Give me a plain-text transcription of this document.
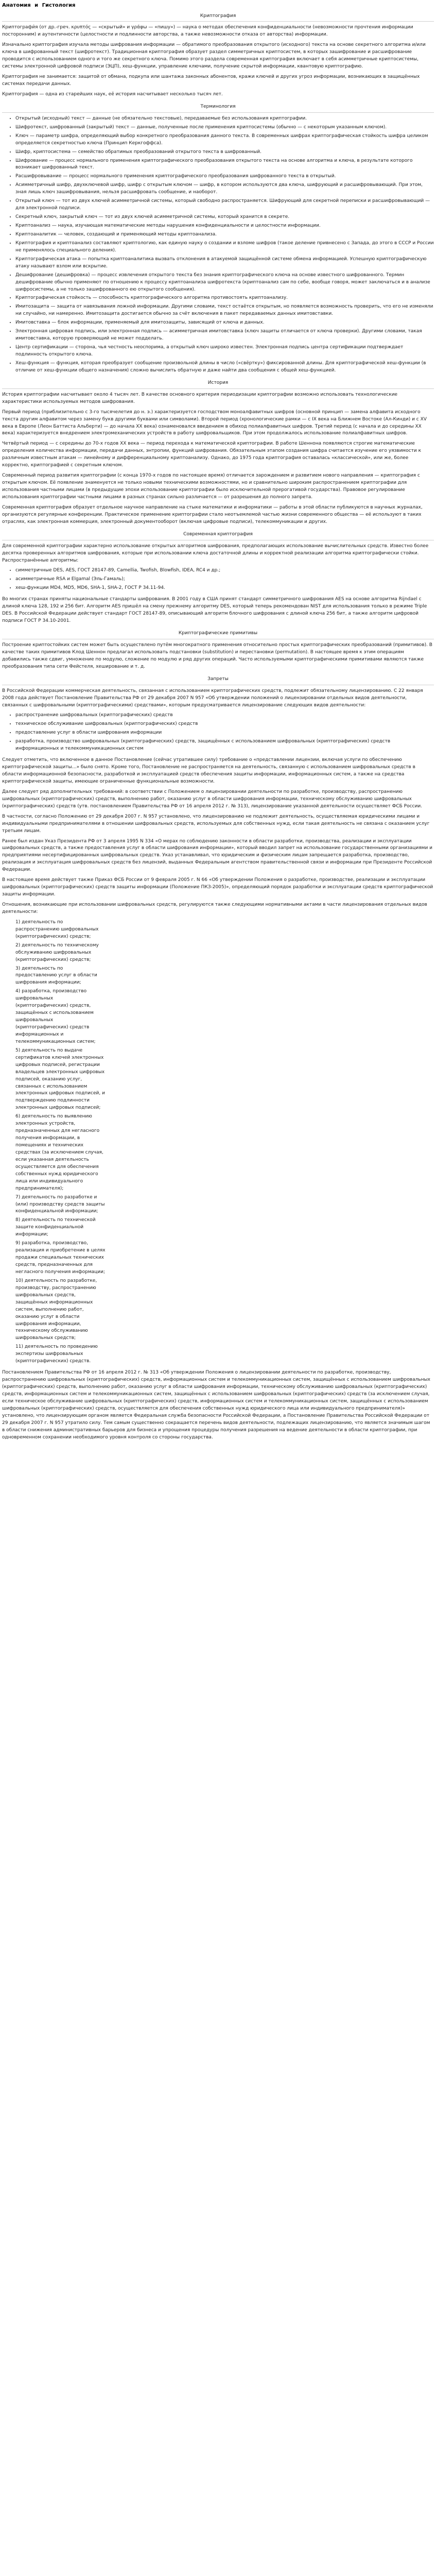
Анатомия и Гистология
Криптография

Криптографи́я (от др.-греч. κρυπτός — «скрытый» и γράφω — «пишу») — наука о методах обеспечения конфиденциальности (невозможности прочтения информации посторонним) и аутентичности (целостности и подлинности авторства, а также невозможности отказа от авторства) информации.

Изначально криптография изучала методы шифрования информации — обратимого преобразования открытого (исходного) текста на основе секретного алгоритма и/или ключа в шифрованный текст (шифротекст). Традиционная криптография образует раздел симметричных криптосистем, в которых зашифрование и расшифрование проводится с использованием одного и того же секретного ключа. Помимо этого раздела современная криптография включает в себя асимметричные криптосистемы, системы электронной цифровой подписи (ЭЦП), хеш-функции, управление ключами, получение скрытой информации, квантовую криптографию.

Криптография не занимается: защитой от обмана, подкупа или шантажа законных абонентов, кражи ключей и других угроз информации, возникающих в защищённых системах передачи данных.

Криптография — одна из старейших наук, её история насчитывает несколько тысяч лет.

Терминология
• Открытый (исходный) текст — данные (не обязательно текстовые), передаваемые без использования криптографии.
• Шифротекст, шифрованный (закрытый) текст — данные, полученные после применения криптосистемы (обычно — с некоторым указанным ключом).
• Ключ — параметр шифра, определяющий выбор конкретного преобразования данного текста. В современных шифрах криптографическая стойкость шифра целиком определяется секретностью ключа (Принцип Керкгоффса).
• Шифр, криптосистема — семейство обратимых преобразований открытого текста в шифрованный.
• Шифрование — процесс нормального применения криптографического преобразования открытого текста на основе алгоритма и ключа, в результате которого возникает шифрованный текст.
• Расшифровывание — процесс нормального применения криптографического преобразования шифрованного текста в открытый.
• Асимметричный шифр, двухключевой шифр, шифр с открытым ключом — шифр, в котором используются два ключа, шифрующий и расшифровывающий. При этом, зная лишь ключ зашифровывания, нельзя расшифровать сообщение, и наоборот.
• Открытый ключ — тот из двух ключей асимметричной системы, который свободно распространяется. Шифрующий для секретной переписки и расшифровывающий — для электронной подписи.
• Секретный ключ, закрытый ключ — тот из двух ключей асимметричной системы, который хранится в секрете.
• Криптоанализ — наука, изучающая математические методы нарушения конфиденциальности и целостности информации.
• Криптоаналитик — человек, создающий и применяющий методы криптоанализа.
• Криптография и криптоанализ составляют криптологию, как единую науку о создании и взломе шифров (такое деление привнесено с Запада, до этого в СССР и России не применялось специального деления).
• Криптографическая атака — попытка криптоаналитика вызвать отклонения в атакуемой защищённой системе обмена информацией. Успешную криптографическую атаку называют взлом или вскрытие.
• Дешифрование (дешифровка) — процесс извлечения открытого текста без знания криптографического ключа на основе известного шифрованного. Термин дешифрование обычно применяют по отношению к процессу криптоанализа шифротекста (криптоанализ сам по себе, вообще говоря, может заключаться и в анализе шифросистемы, а не только зашифрованного ею открытого сообщения).
• Криптографическая стойкость — способность криптографического алгоритма противостоять криптоанализу.
• Имитозащита — защита от навязывания ложной информации. Другими словами, текст остаётся открытым, но появляется возможность проверить, что его не изменяли ни случайно, ни намеренно. Имитозащита достигается обычно за счёт включения в пакет передаваемых данных имитовставки.
• Имитовставка — блок информации, применяемый для имитозащиты, зависящий от ключа и данных.
• Электронная цифровая подпись, или электронная подпись — асимметричная имитовставка (ключ защиты отличается от ключа проверки). Другими словами, такая имитовставка, которую проверяющий не может подделать.
• Центр сертификации — сторона, чья честность неоспорима, а открытый ключ широко известен. Электронная подпись центра сертификации подтверждает подлинность открытого ключа.
• Хеш-функция — функция, которая преобразует сообщение произвольной длины в число («свёртку») фиксированной длины. Для криптографической хеш-функции (в отличие от хеш-функции общего назначения) сложно вычислить обратную и даже найти два сообщения с общей хеш-функцией.
История

История криптографии насчитывает около 4 тысяч лет. В качестве основного критерия периодизации криптографии возможно использовать технологические характеристики используемых методов шифрования.

Первый период (приблизительно с 3-го тысячелетия до н. э.) характеризуется господством моноалфавитных шифров (основной принцип — замена алфавита исходного текста другим алфавитом через замену букв другими буквами или символами). Второй период (хронологические рамки — с IX века на Ближнем Востоке (Ал-Кинди) и с XV века в Европе (Леон Баттиста Альберти) — до начала XX века) ознаменовался введением в обиход полиалфавитных шифров. Третий период (с начала и до середины XX века) характеризуется внедрением электромеханических устройств в работу шифровальщиков. При этом продолжалось использование полиалфавитных шифров.

Четвёртый период — с середины до 70-х годов XX века — период перехода к математической криптографии. В работе Шеннона появляются строгие математические определения количества информации, передачи данных, энтропии, функций шифрования. Обязательным этапом создания шифра считается изучение его уязвимости к различным известным атакам — линейному и дифференциальному криптоанализу. Однако, до 1975 года криптография оставалась «классической», или же, более корректно, криптографией с секретным ключом.

Современный период развития криптографии (с конца 1970-х годов по настоящее время) отличается зарождением и развитием нового направления — криптография с открытым ключом. Её появление знаменуется не только новыми техническими возможностями, но и сравнительно широким распространением криптографии для использования частными лицами (в предыдущие эпохи использование криптографии было исключительной прерогативой государства). Правовое регулирование использования криптографии частными лицами в разных странах сильно различается — от разрешения до полного запрета.

Современная криптография образует отдельное научное направление на стыке математики и информатики — работы в этой области публикуются в научных журналах, организуются регулярные конференции. Практическое применение криптографии стало неотъемлемой частью жизни современного общества — её используют в таких отраслях, как электронная коммерция, электронный документооборот (включая цифровые подписи), телекоммуникации и других.

Современная криптография

Для современной криптографии характерно использование открытых алгоритмов шифрования, предполагающих использование вычислительных средств. Известно более десятка проверенных алгоритмов шифрования, которые при использовании ключа достаточной длины и корректной реализации алгоритма криптографически стойки. Распространённые алгоритмы:

• симметричные DES, AES, ГОСТ 28147-89, Camellia, Twofish, Blowfish, IDEA, RC4 и др.;
• асимметричные RSA и Elgamal (Эль-Гамаль);
• хеш-функции MD4, MD5, MD6, SHA-1, SHA-2, ГОСТ Р 34.11-94.

Во многих странах приняты национальные стандарты шифрования. В 2001 году в США принят стандарт симметричного шифрования AES на основе алгоритма Rijndael с длиной ключа 128, 192 и 256 бит. Алгоритм AES пришёл на смену прежнему алгоритму DES, который теперь рекомендован NIST для использования только в режиме Triple DES. В Российской Федерации действует стандарт ГОСТ 28147-89, описывающий алгоритм блочного шифрования с длиной ключа 256 бит, а также алгоритм цифровой подписи ГОСТ Р 34.10-2001.

Криптографические примитивы

Построение криптостойких систем может быть осуществлено путём многократного применения относительно простых криптографических преобразований (примитивов). В качестве таких примитивов Клод Шеннон предлагал использовать подстановки (substitution) и перестановки (permutation). В настоящее время к этим операциям добавились также сдвиг, умножение по модулю, сложение по модулю и ряд других операций. Часто используемыми криптографическими примитивами являются также преобразования типа сети Фейстеля, хеширование и т. д.

Запреты

В Российской Федерации коммерческая деятельность, связанная с использованием криптографических средств, подлежит обязательному лицензированию. С 22 января 2008 года действует Постановление Правительства РФ от 29 декабря 2007 N 957 «Об утверждении положений о лицензировании отдельных видов деятельности, связанных с шифровальными (криптографическими) средствами», которым предусматривается лицензирование следующих видов деятельности:

• распространение шифровальных (криптографических) средств
• техническое обслуживание шифровальных (криптографических) средств
• предоставление услуг в области шифрования информации
• разработка, производство шифровальных (криптографических) средств, защищённых с использованием шифровальных (криптографических) средств информационных и телекоммуникационных систем

Следует отметить, что включенное в данное Постановление (сейчас утратившее силу) требование о «представлении лицензии, включая услуги по обеспечению криптографической защиты…» было снято. Кроме того, Постановление не распространяется на деятельность, связанную с использованием шифровальных средств в области информационной безопасности, разработкой и эксплуатацией средств обеспечения защиты информации, информационных систем, а также на средства криптографической защиты, имеющие ограниченные функциональные возможности.

Далее следует ряд дополнительных требований: в соответствии с Положением о лицензировании деятельности по разработке, производству, распространению шифровальных (криптографических) средств, выполнению работ, оказанию услуг в области шифрования информации, техническому обслуживанию шифровальных (криптографических) средств (утв. постановлением Правительства РФ от 16 апреля 2012 г. № 313), лицензирование указанной деятельности осуществляет ФСБ России.

В частности, согласно Положению от 29 декабря 2007 г. N 957 установлено, что лицензированию не подлежит деятельность, осуществляемая юридическими лицами и индивидуальными предпринимателями в отношении шифровальных средств, используемых для собственных нужд, если такая деятельность не связана с оказанием услуг третьим лицам.

Ранее был издан Указ Президента РФ от 3 апреля 1995 N 334 «О мерах по соблюдению законности в области разработки, производства, реализации и эксплуатации шифровальных средств, а также предоставления услуг в области шифрования информации», который вводил запрет на использование государственными организациями и предприятиями несертифицированных шифровальных средств. Указ устанавливал, что юридическим и физическим лицам запрещается разработка, производство, реализация и эксплуатация шифровальных средств без лицензий, выданных Федеральным агентством правительственной связи и информации при Президенте Российской Федерации.

В настоящее время действует также Приказ ФСБ России от 9 февраля 2005 г. N 66 «Об утверждении Положения о разработке, производстве, реализации и эксплуатации шифровальных (криптографических) средств защиты информации (Положение ПКЗ-2005)», определяющий порядок разработки и эксплуатации средств криптографической защиты информации.

Отношения, возникающие при использовании шифровальных средств, регулируются также следующими нормативными актами в части лицензирования отдельных видов деятельности:

1) деятельность по распространению шифровальных (криптографических) средств;
2) деятельность по техническому обслуживанию шифровальных (криптографических) средств;
3) деятельность по предоставлению услуг в области шифрования информации;
4) разработка, производство шифровальных (криптографических) средств, защищённых с использованием шифровальных (криптографических) средств информационных и телекоммуникационных систем;
5) деятельность по выдаче сертификатов ключей электронных цифровых подписей, регистрации владельцев электронных цифровых подписей, оказанию услуг, связанных с использованием электронных цифровых подписей, и подтверждению подлинности электронных цифровых подписей;
6) деятельность по выявлению электронных устройств, предназначенных для негласного получения информации, в помещениях и технических средствах (за исключением случая, если указанная деятельность осуществляется для обеспечения собственных нужд юридического лица или индивидуального предпринимателя);
7) деятельность по разработке и (или) производству средств защиты конфиденциальной информации;
8) деятельность по технической защите конфиденциальной информации;
9) разработка, производство, реализация и приобретение в целях продажи специальных технических средств, предназначенных для негласного получения информации;
10) деятельность по разработке, производству, распространению шифровальных средств, защищённых информационных систем, выполнению работ, оказанию услуг в области шифрования информации, техническому обслуживанию шифровальных средств;
11) деятельность по проведению экспертизы шифровальных (криптографических) средств.

Постановлением Правительства РФ от 16 апреля 2012 г. № 313 «Об утверждении Положения о лицензировании деятельности по разработке, производству, распространению шифровальных (криптографических) средств, информационных систем и телекоммуникационных систем, защищённых с использованием шифровальных (криптографических) средств, выполнению работ, оказанию услуг в области шифрования информации, техническому обслуживанию шифровальных (криптографических) средств, информационных систем и телекоммуникационных систем, защищённых с использованием шифровальных (криптографических) средств (за исключением случая, если техническое обслуживание шифровальных (криптографических) средств, информационных систем и телекоммуникационных систем, защищённых с использованием шифровальных (криптографических) средств, осуществляется для обеспечения собственных нужд юридического лица или индивидуального предпринимателя)» установлено, что лицензирующим органом является Федеральная служба безопасности Российской Федерации, а Постановление Правительства Российской Федерации от 29 декабря 2007 г. N 957 утратило силу. Тем самым существенно сокращается перечень видов деятельности, подлежащих лицензированию, что является значимым шагом в области снижения административных барьеров для бизнеса и упрощения процедуры получения разрешения на ведение деятельности в области криптографии, при одновременном сохранении необходимого уровня контроля со стороны государства.
